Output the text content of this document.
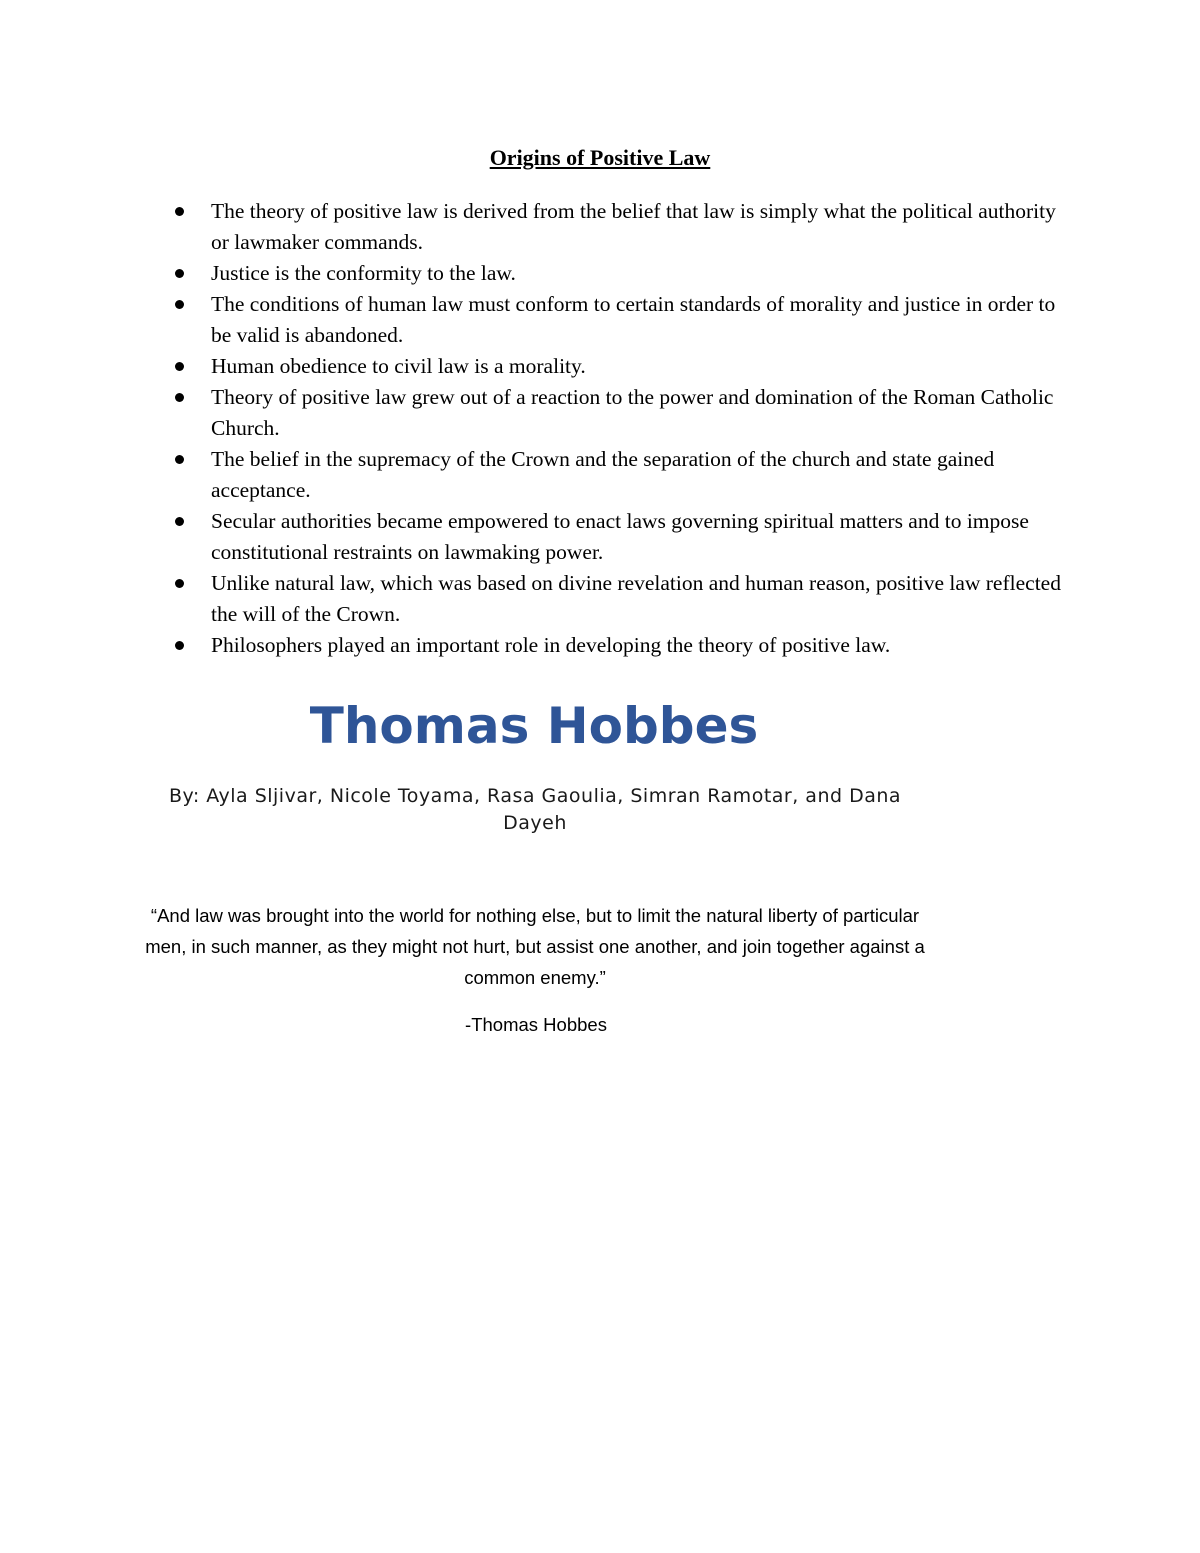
Origins of Positive Law
The theory of positive law is derived from the belief that law is simply what the political authority or lawmaker commands.
Justice is the conformity to the law.
The conditions of human law must conform to certain standards of morality and justice in order to be valid is abandoned.
Human obedience to civil law is a morality.
Theory of positive law grew out of a reaction to the power and domination of the Roman Catholic Church.
The belief in the supremacy of the Crown and the separation of the church and state gained acceptance.
Secular authorities became empowered to enact laws governing spiritual matters and to impose constitutional restraints on lawmaking power.
Unlike natural law, which was based on divine revelation and human reason, positive law reflected the will of the Crown.
Philosophers played an important role in developing the theory of positive law.
Thomas Hobbes

By: Ayla Sljivar, Nicole Toyama, Rasa Gaoulia, Simran Ramotar, and Dana Dayeh

“And law was brought into the world for nothing else, but to limit the natural liberty of particular men, in such manner, as they might not hurt, but assist one another, and join together against a common enemy.”

-Thomas Hobbes
